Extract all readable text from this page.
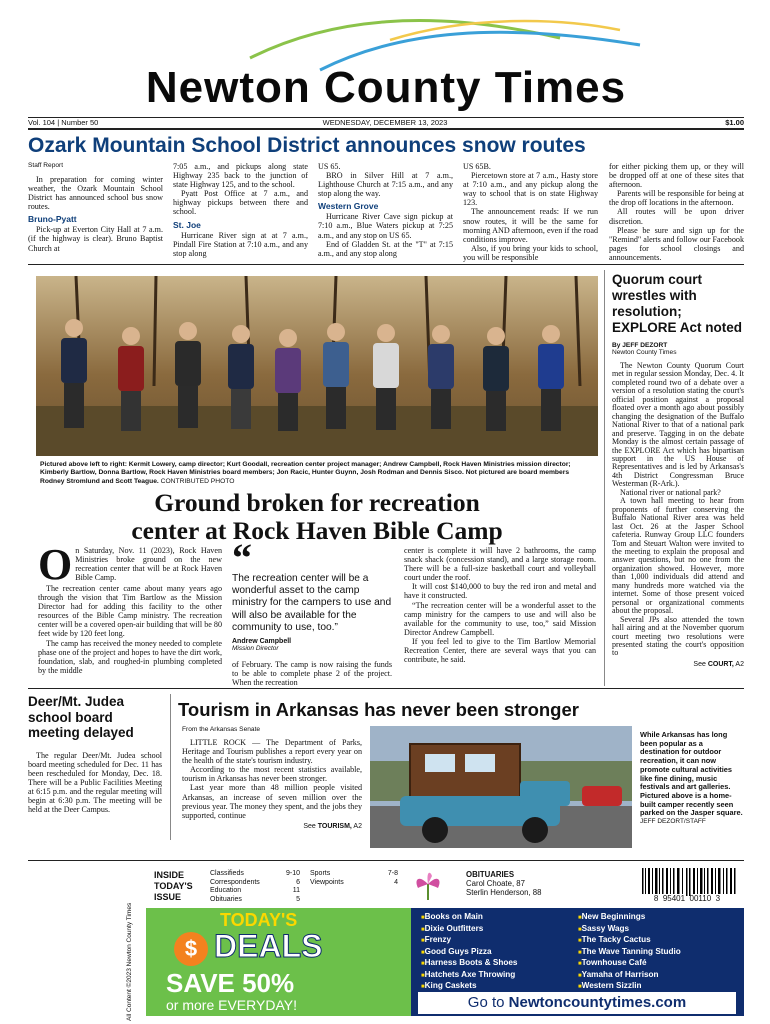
Newton County Times
Vol. 104 | Number 50	WEDNESDAY, DECEMBER 13, 2023	$1.00
Ozark Mountain School District announces snow routes
Staff Report

In preparation for coming winter weather, the Ozark Mountain School District has announced school bus snow routes.

Bruno-Pyatt

Pick-up at Everton City Hall at 7 a.m. (if the highway is clear). Bruno Baptist Church at

7:05 a.m., and pickups along state Highway 235 back to the junction of state Highway 125, and to the school.

Pyatt Post Office at 7 a.m., and highway pickups between there and school.

St. Joe

Hurricane River sign at at 7 a.m., Pindall Fire Station at 7:10 a.m., and any stop along

US 65.

BRO in Silver Hill at 7 a.m., Lighthouse Church at 7:15 a.m., and any stop along the way.

Western Grove

Hurricane River Cave sign pickup at 7:10 a.m., Blue Waters pickup at 7:25 a.m., and any stop on US 65.

End of Gladden St. at the "T" at 7:15 a.m., and any stop along

US 65B.

Piercetown store at 7 a.m., Hasty store at 7:10 a.m., and any pickup along the way to school that is on state Highway 123.

The announcement reads: If we run snow routes, it will be the same for morning AND afternoon, even if the road conditions improve.

Also, if you bring your kids to school, you will be responsible

for either picking them up, or they will be dropped off at one of these sites that afternoon.

Parents will be responsible for being at the drop off locations in the afternoon.

All routes will be upon driver discretion.

Please be sure and sign up for the "Remind" alerts and follow our Facebook pages for school closings and announcements.

Pictured above left to right: Kermit Lowery, camp director; Kurt Goodall, recreation center project manager; Andrew Campbell, Rock Haven Ministries mission director; Kimberly Bartlow, Donna Bartlow, Rock Haven Ministries board members; Jon Racic, Hunter Guynn, Josh Rodman and Dennis Sisco. Not pictured are board members Rodney Stromlund and Scott Teague. CONTRIBUTED PHOTO
Ground broken for recreation
center at Rock Haven Bible Camp
O n Saturday, Nov. 11 (2023), Rock Haven Ministries broke ground on the new recreation center that will be at Rock Haven Bible Camp.

The recreation center came about many years ago through the vision that Tim Bartlow as the Mission Director had for adding this facility to the other resources of the Bible Camp ministry. The recreation center will be a covered open-air building that will be 80 feet wide by 120 feet long.

The camp has received the money needed to complete phase one of the project and hopes to have the dirt work, foundation, slab, and roughed-in plumbing completed by the middle

“
The recreation center will be a wonderful asset to the camp ministry for the campers to use and will also be available for the community to use, too.”
Andrew Campbell
Mission Director

of February. The camp is now raising the funds to be able to complete phase 2 of the project. When the recreation

center is complete it will have 2 bathrooms, the camp snack shack (concession stand), and a large storage room. There will be a full-size basketball court and volleyball court under the roof.

It will cost $140,000 to buy the red iron and metal and have it constructed.

“The recreation center will be a wonderful asset to the camp ministry for the campers to use and will also be available for the community to use, too,” said Mission Director Andrew Campbell.

If you feel led to give to the Tim Bartlow Memorial Recreation Center, there are several ways that you can contribute, he said.

Quorum court wrestles with resolution; EXPLORE Act noted
By JEFF DEZORT
Newton County Times

The Newton County Quorum Court met in regular session Monday, Dec. 4. It completed round two of a debate over a version of a resolution stating the court's official position against a proposal floated over a month ago about possibly changing the designation of the Buffalo National River to that of a national park and preserve. Tagging in on the debate Monday is the almost certain passage of the EXPLORE Act which has bipartisan support in the US House of Representatives and is led by Arkansas's 4th District Congressman Bruce Westerman (R-Ark.).

National river or national park?

A town hall meeting to hear from proponents of further conserving the Buffalo National River area was held last Oct. 26 at the Jasper School cafeteria. Runway Group LLC founders Tom and Steuart Walton were invited to the meeting to explain the proposal and answer questions, but no one from the organization showed. However, more than 1,000 individuals did attend and many hundreds more watched via the internet. Some of those present voiced personal or organizational comments about the proposal.

Several JPs also attended the town hall airing and at the November quorum court meeting two resolutions were presented stating the court's opposition to

See COURT, A2
Deer/Mt. Judea school board meeting delayed

The regular Deer/Mt. Judea school board meeting scheduled for Dec. 11 has been rescheduled for Monday, Dec. 18. There will be a Public Facilities Meeting at 6:15 p.m. and the regular meeting will begin at 6:30 p.m. The meeting will be held at the Deer Campus.

Tourism in Arkansas has never been stronger
From the Arkansas Senate

LITTLE ROCK — The Department of Parks, Heritage and Tourism publishes a report every year on the health of the state's tourism industry.

According to the most recent statistics available, tourism in Arkansas has never been stronger.

Last year more than 48 million people visited Arkansas, an increase of seven million over the previous year. The money they spent, and the jobs they supported, continue

See TOURISM, A2
While Arkansas has long been popular as a destination for outdoor recreation, it can now promote cultural activities like fine dining, music festivals and art galleries. Pictured above is a home-built camper recently seen parked on the Jasper square.
JEFF DEZORT/STAFF
All Content ©2023 Newton County Times
INSIDE
TODAY'S
ISSUE
Classifieds	9-10
Correspondents	6
Education	11
Obituaries	5
Sports	7-8
Viewpoints	4
OBITUARIES
Carol Choate, 87
Sterlin Henderson, 88
8  95401  00110  3
TODAY'S
$ DEALS
SAVE 50%
or more EVERYDAY!
■ Books on Main
■ Dixie Outfitters
■ Frenzy
■ Good Guys Pizza
■ Harness Boots & Shoes
■ Hatchets Axe Throwing
■ King Caskets
■
■ New Beginnings
■ Sassy Wags
■ The Tacky Cactus
■ The Wave Tanning Studio
■ Townhouse Café
■ Yamaha of Harrison
■ Western Sizzlin
Go to Newtoncountytimes.com
